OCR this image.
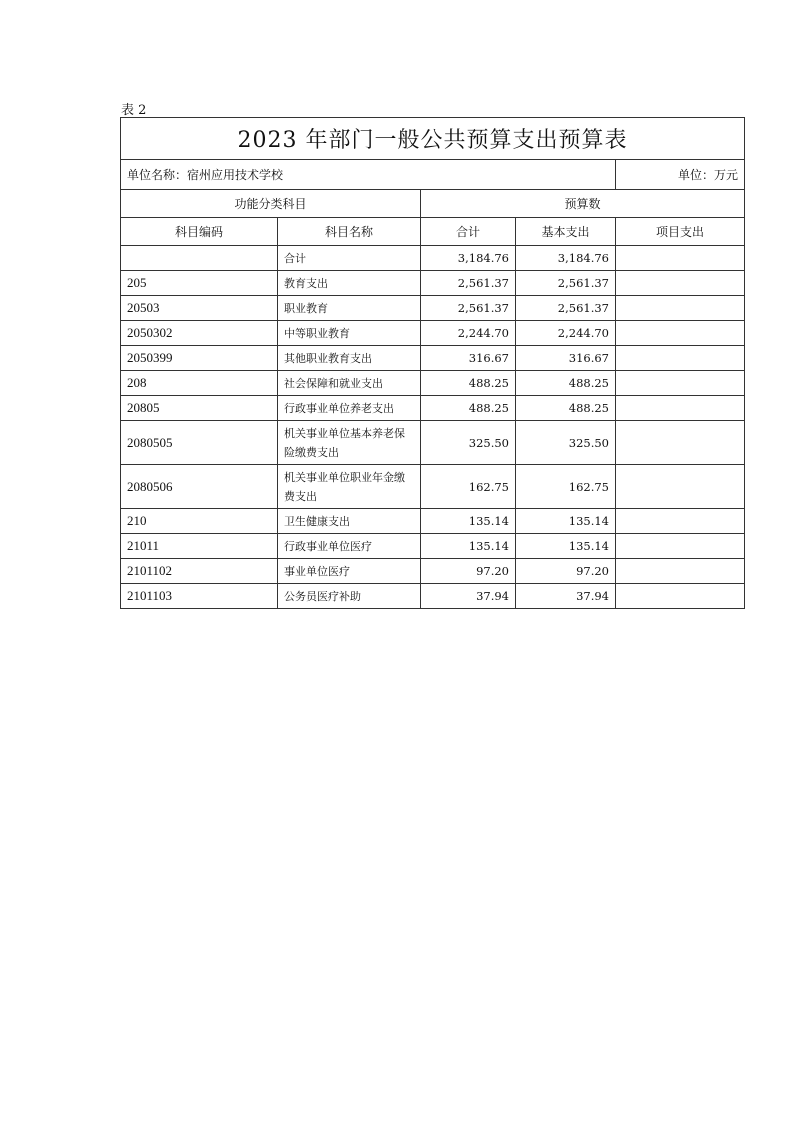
表 2
2023 年部门一般公共预算支出预算表				
单位名称：宿州应用技术学校				单位：万元
功能分类科目		预算数		
科目编码	科目名称	合计	基本支出	项目支出
	合计	3,184.76	3,184.76	
205	教育支出	2,561.37	2,561.37	
20503	职业教育	2,561.37	2,561.37	
2050302	中等职业教育	2,244.70	2,244.70	
2050399	其他职业教育支出	316.67	316.67	
208	社会保障和就业支出	488.25	488.25	
20805	行政事业单位养老支出	488.25	488.25	
2080505	机关事业单位基本养老保险缴费支出	325.50	325.50	
2080506	机关事业单位职业年金缴费支出	162.75	162.75	
210	卫生健康支出	135.14	135.14	
21011	行政事业单位医疗	135.14	135.14	
2101102	事业单位医疗	97.20	97.20	
2101103	公务员医疗补助	37.94	37.94	
